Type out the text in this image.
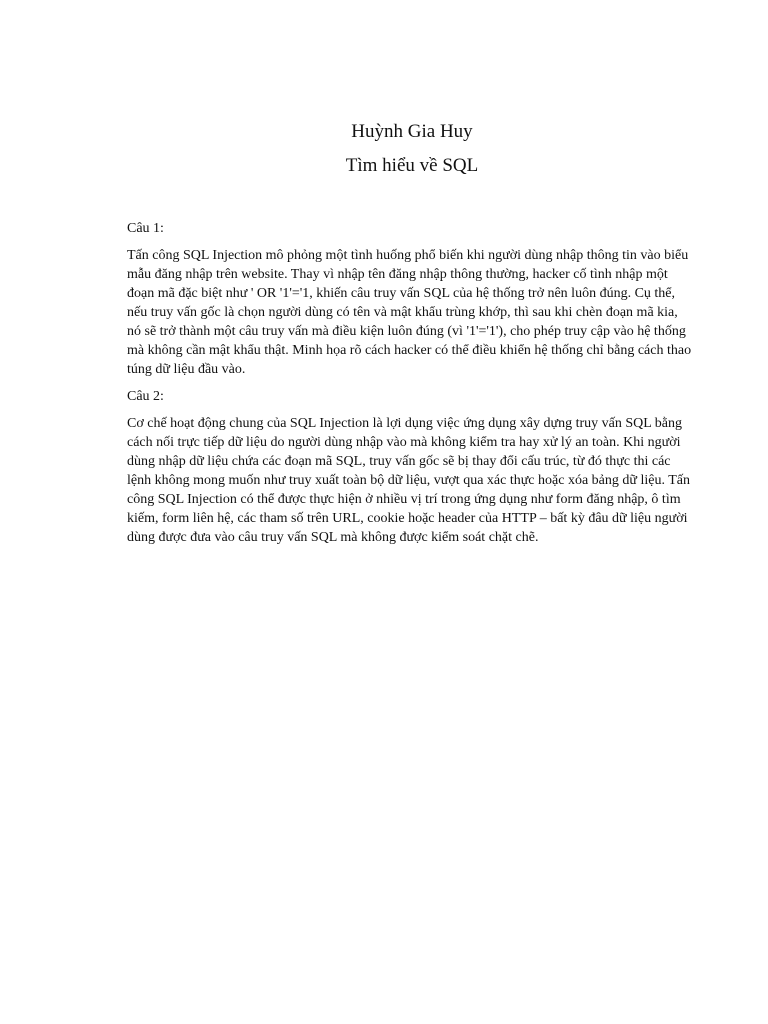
Huỳnh Gia Huy

Tìm hiểu về SQL

Câu 1:

Tấn công SQL Injection mô phỏng một tình huống phổ biến khi người dùng nhập thông tin vào biểu mẫu đăng nhập trên website. Thay vì nhập tên đăng nhập thông thường, hacker cố tình nhập một đoạn mã đặc biệt như ' OR '1'='1, khiến câu truy vấn SQL của hệ thống trở nên luôn đúng. Cụ thể, nếu truy vấn gốc là chọn người dùng có tên và mật khẩu trùng khớp, thì sau khi chèn đoạn mã kia, nó sẽ trở thành một câu truy vấn mà điều kiện luôn đúng (vì '1'='1'), cho phép truy cập vào hệ thống mà không cần mật khẩu thật. Minh họa rõ cách hacker có thể điều khiển hệ thống chỉ bằng cách thao túng dữ liệu đầu vào.

Câu 2:

Cơ chế hoạt động chung của SQL Injection là lợi dụng việc ứng dụng xây dựng truy vấn SQL bằng cách nối trực tiếp dữ liệu do người dùng nhập vào mà không kiểm tra hay xử lý an toàn. Khi người dùng nhập dữ liệu chứa các đoạn mã SQL, truy vấn gốc sẽ bị thay đổi cấu trúc, từ đó thực thi các lệnh không mong muốn như truy xuất toàn bộ dữ liệu, vượt qua xác thực hoặc xóa bảng dữ liệu. Tấn công SQL Injection có thể được thực hiện ở nhiều vị trí trong ứng dụng như form đăng nhập, ô tìm kiếm, form liên hệ, các tham số trên URL, cookie hoặc header của HTTP – bất kỳ đâu dữ liệu người dùng được đưa vào câu truy vấn SQL mà không được kiểm soát chặt chẽ.
